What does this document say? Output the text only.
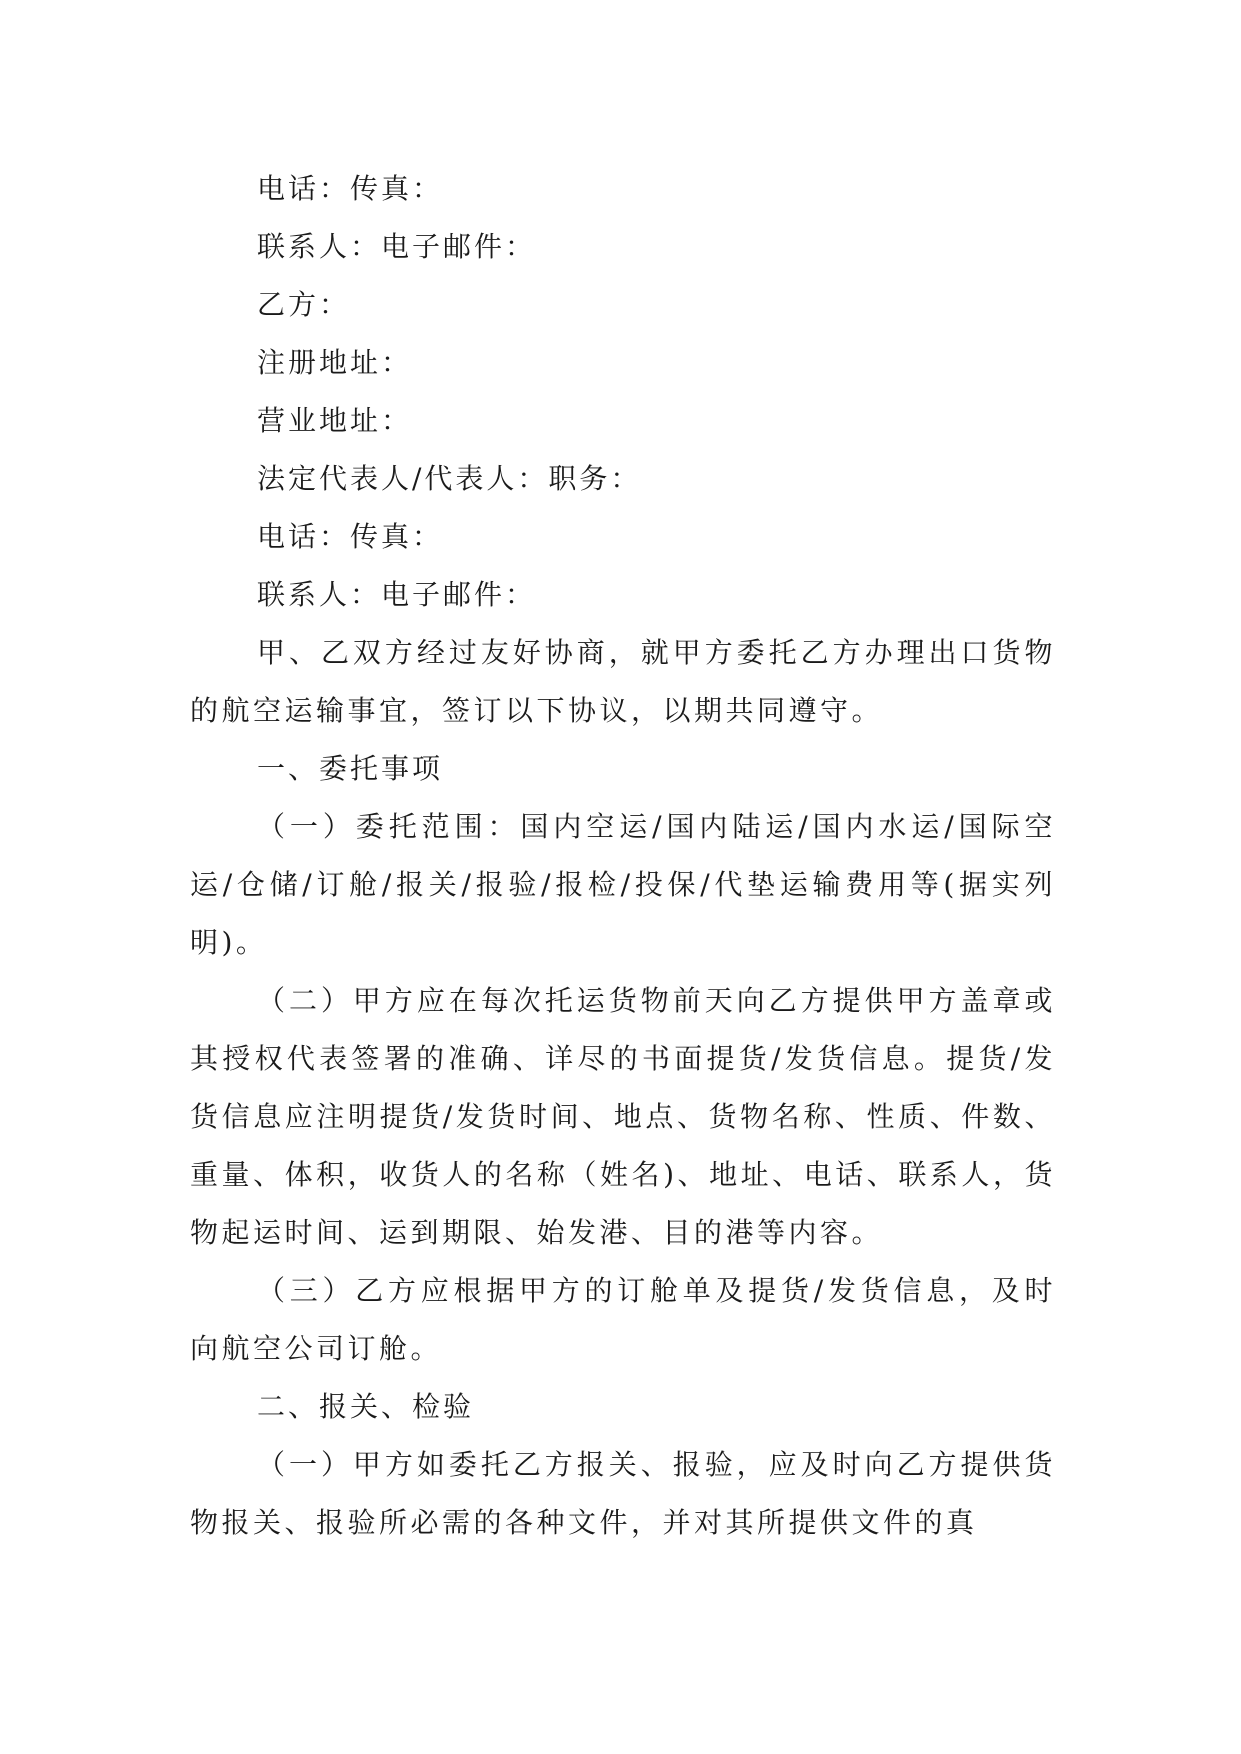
电话：传真：
联系人：电子邮件：
乙方：
注册地址：
营业地址：
法定代表人/代表人：职务：
电话：传真：
联系人：电子邮件：
甲、乙双方经过友好协商，就甲方委托乙方办理出口货物的航空运输事宜，签订以下协议，以期共同遵守。
一、委托事项
（一）委托范围：国内空运/国内陆运/国内水运/国际空运/仓储/订舱/报关/报验/报检/投保/代垫运输费用等(据实列明)。
（二）甲方应在每次托运货物前天向乙方提供甲方盖章或其授权代表签署的准确、详尽的书面提货/发货信息。提货/发货信息应注明提货/发货时间、地点、货物名称、性质、件数、重量、体积，收货人的名称（姓名)、地址、电话、联系人，货物起运时间、运到期限、始发港、目的港等内容。
（三）乙方应根据甲方的订舱单及提货/发货信息，及时向航空公司订舱。
二、报关、检验
（一）甲方如委托乙方报关、报验，应及时向乙方提供货物报关、报验所必需的各种文件，并对其所提供文件的真
